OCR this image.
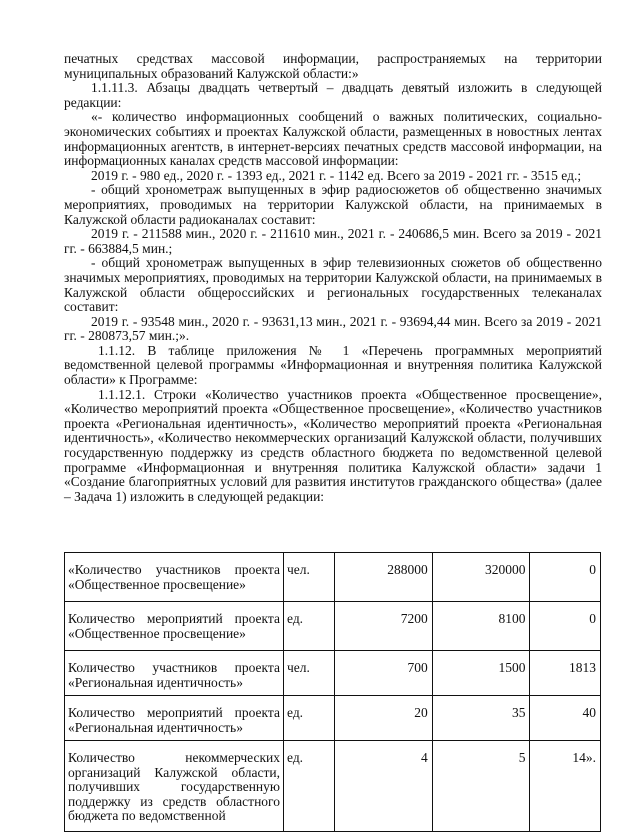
печатных средствах массовой информации, распространяемых на территории муниципальных образований Калужской области:»

1.1.11.3. Абзацы двадцать четвертый – двадцать девятый изложить в следующей редакции:

«- количество информационных сообщений о важных политических, социально-экономических событиях и проектах Калужской области, размещенных в новостных лентах информационных агентств, в интернет-версиях печатных средств массовой информации, на информационных каналах средств массовой информации:

2019 г. - 980 ед., 2020 г. - 1393 ед., 2021 г. - 1142 ед. Всего за 2019 - 2021 гг. - 3515 ед.;

- общий хронометраж выпущенных в эфир радиосюжетов об общественно значимых мероприятиях, проводимых на территории Калужской области, на принимаемых в Калужской области радиоканалах составит:

2019 г. - 211588 мин., 2020 г. - 211610 мин., 2021 г. - 240686,5 мин. Всего за 2019 - 2021 гг. - 663884,5 мин.;

- общий хронометраж выпущенных в эфир телевизионных сюжетов об общественно значимых мероприятиях, проводимых на территории Калужской области, на принимаемых в Калужской области общероссийских и региональных государственных телеканалах составит:

2019 г. - 93548 мин., 2020 г. - 93631,13 мин., 2021 г. - 93694,44 мин. Всего за 2019 - 2021 гг. - 280873,57 мин.;».

1.1.12. В таблице приложения № 1 «Перечень программных мероприятий ведомственной целевой программы «Информационная и внутренняя политика Калужской области» к Программе:

1.1.12.1. Строки «Количество участников проекта «Общественное просвещение», «Количество мероприятий проекта «Общественное просвещение», «Количество участников проекта «Региональная идентичность», «Количество мероприятий проекта «Региональная идентичность», «Количество некоммерческих организаций Калужской области, получивших государственную поддержку из средств областного бюджета по ведомственной целевой программе «Информационная и внутренняя политика Калужской области» задачи 1 «Создание благоприятных условий для развития институтов гражданского общества» (далее – Задача 1) изложить в следующей редакции:

«Количество участников проекта «Общественное просвещение»	чел.	288000	320000	0
Количество мероприятий проекта «Общественное просвещение»	ед.	7200	8100	0
Количество участников проекта «Региональная идентичность»	чел.	700	1500	1813
Количество мероприятий проекта «Региональная идентичность»	ед.	20	35	40
Количество некоммерческих организаций Калужской области, получивших государственную поддержку из средств областного бюджета по ведомственной	ед.	4	5	14».
